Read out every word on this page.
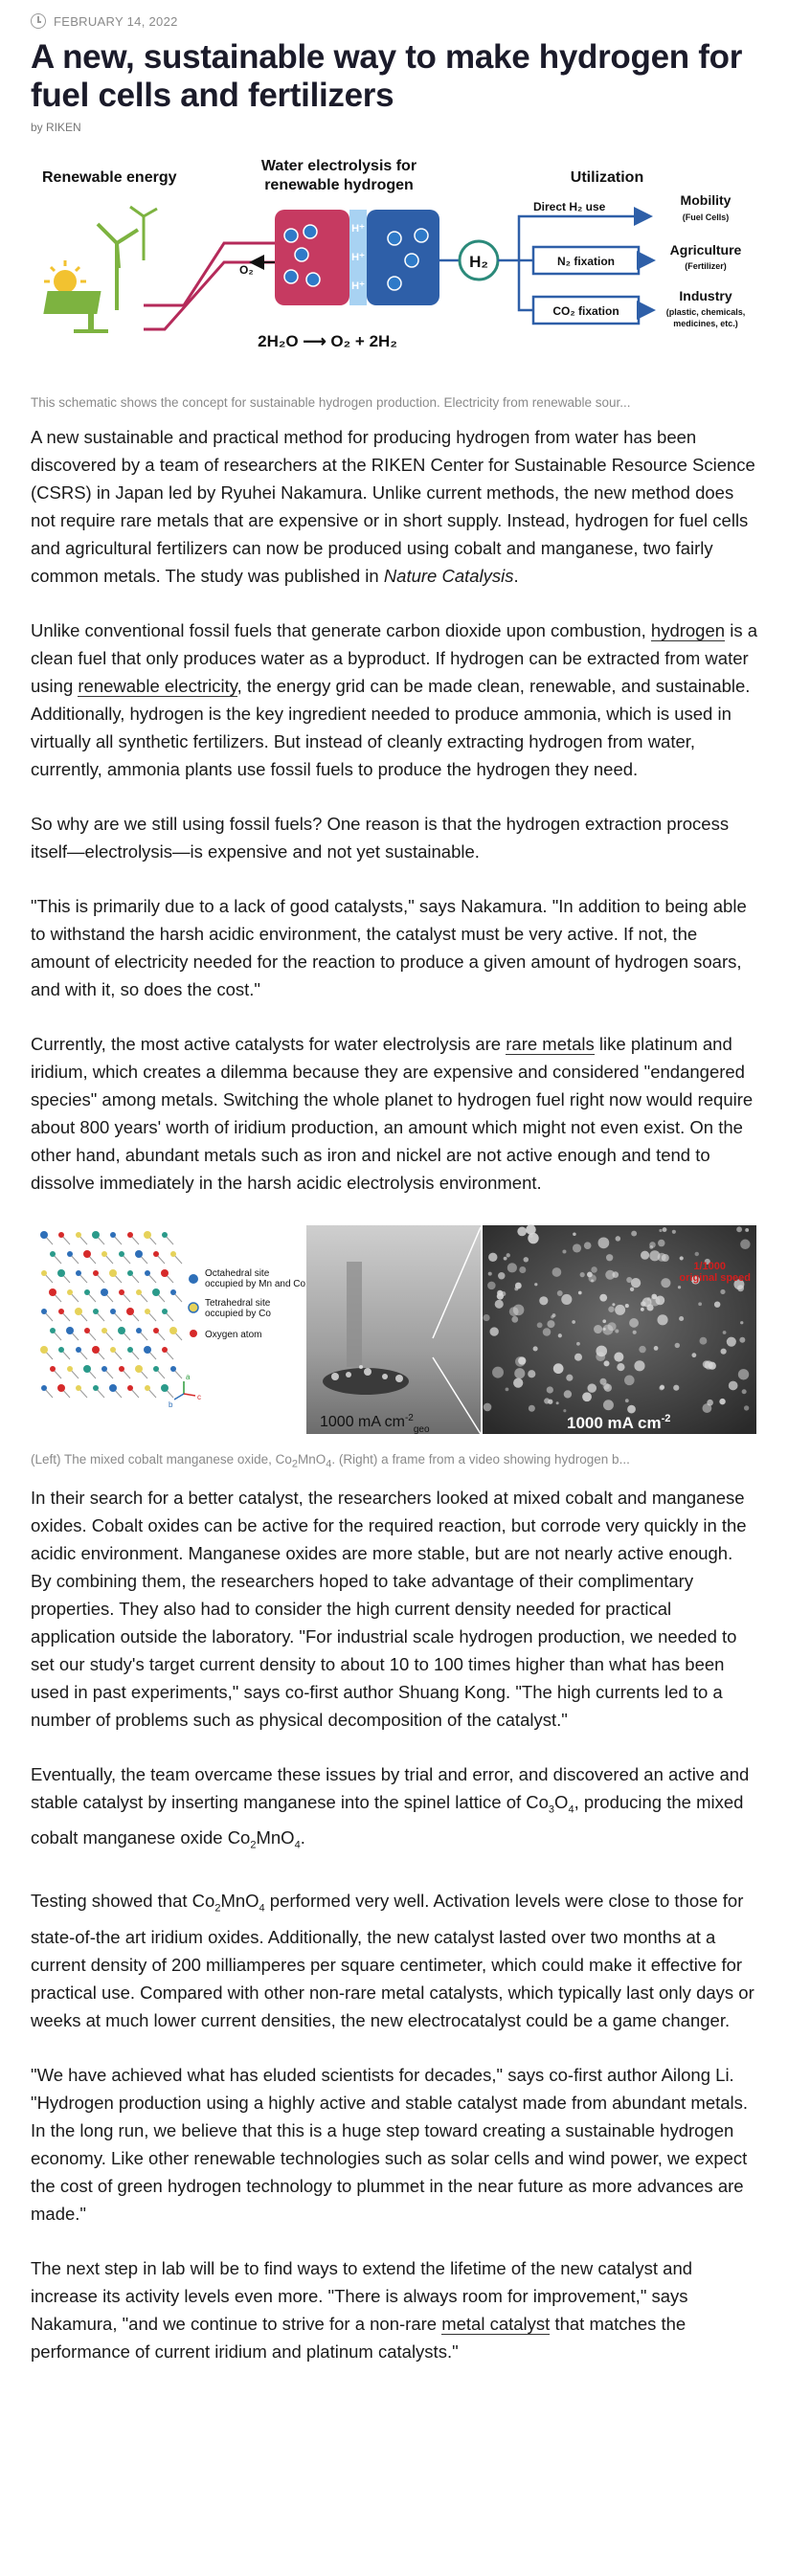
FEBRUARY 14, 2022
A new, sustainable way to make hydrogen for fuel cells and fertilizers
by RIKEN
Renewable energy
Water electrolysis for
renewable hydrogen
H⁺
H⁺
H⁺
O₂	H₂
2H₂O ⟶ O₂ + 2H₂
Utilization
Direct H₂ use
N₂ fixation
CO₂ fixation
Mobility
(Fuel Cells)
Agriculture
(Fertilizer)
Industry
(plastic, chemicals,
medicines, etc.)
This schematic shows the concept for sustainable hydrogen production. Electricity from renewable sour...

A new sustainable and practical method for producing hydrogen from water has been discovered by a team of researchers at the RIKEN Center for Sustainable Resource Science (CSRS) in Japan led by Ryuhei Nakamura. Unlike current methods, the new method does not require rare metals that are expensive or in short supply. Instead, hydrogen for fuel cells and agricultural fertilizers can now be produced using cobalt and manganese, two fairly common metals. The study was published in Nature Catalysis.

Unlike conventional fossil fuels that generate carbon dioxide upon combustion, hydrogen is a clean fuel that only produces water as a byproduct. If hydrogen can be extracted from water using renewable electricity, the energy grid can be made clean, renewable, and sustainable. Additionally, hydrogen is the key ingredient needed to produce ammonia, which is used in virtually all synthetic fertilizers. But instead of cleanly extracting hydrogen from water, currently, ammonia plants use fossil fuels to produce the hydrogen they need.

So why are we still using fossil fuels? One reason is that the hydrogen extraction process itself—electrolysis—is expensive and not yet sustainable.

"This is primarily due to a lack of good catalysts," says Nakamura. "In addition to being able to withstand the harsh acidic environment, the catalyst must be very active. If not, the amount of electricity needed for the reaction to produce a given amount of hydrogen soars, and with it, so does the cost."

Currently, the most active catalysts for water electrolysis are rare metals like platinum and iridium, which creates a dilemma because they are expensive and considered "endangered species" among metals. Switching the whole planet to hydrogen fuel right now would require about 800 years' worth of iridium production, an amount which might not even exist. On the other hand, abundant metals such as iron and nickel are not active enough and tend to dissolve immediately in the harsh acidic electrolysis environment.

Octahedral site
occupied by Mn and Co
Tetrahedral site
occupied by Co
Oxygen atom
b
c
a
1000 mA $cm^{-2}_{geo}$
1/1000
original speed
1000 mA $cm^{-2}$
(Left) The mixed cobalt manganese oxide, $Co_2MnO_4$. (Right) a frame from a video showing hydrogen b...

In their search for a better catalyst, the researchers looked at mixed cobalt and manganese oxides. Cobalt oxides can be active for the required reaction, but corrode very quickly in the acidic environment. Manganese oxides are more stable, but are not nearly active enough. By combining them, the researchers hoped to take advantage of their complimentary properties. They also had to consider the high current density needed for practical application outside the laboratory. "For industrial scale hydrogen production, we needed to set our study's target current density to about 10 to 100 times higher than what has been used in past experiments," says co-first author Shuang Kong. "The high currents led to a number of problems such as physical decomposition of the catalyst."

Eventually, the team overcame these issues by trial and error, and discovered an active and stable catalyst by inserting manganese into the spinel lattice of $Co_3O_4$, producing the mixed cobalt manganese oxide $Co_2MnO_4$.

Testing showed that $Co_2MnO_4$ performed very well. Activation levels were close to those for state-of-the art iridium oxides. Additionally, the new catalyst lasted over two months at a current density of 200 milliamperes per square centimeter, which could make it effective for practical use. Compared with other non-rare metal catalysts, which typically last only days or weeks at much lower current densities, the new electrocatalyst could be a game changer.

"We have achieved what has eluded scientists for decades," says co-first author Ailong Li. "Hydrogen production using a highly active and stable catalyst made from abundant metals. In the long run, we believe that this is a huge step toward creating a sustainable hydrogen economy. Like other renewable technologies such as solar cells and wind power, we expect the cost of green hydrogen technology to plummet in the near future as more advances are made."

The next step in lab will be to find ways to extend the lifetime of the new catalyst and increase its activity levels even more. "There is always room for improvement," says Nakamura, "and we continue to strive for a non-rare metal catalyst that matches the performance of current iridium and platinum catalysts."
